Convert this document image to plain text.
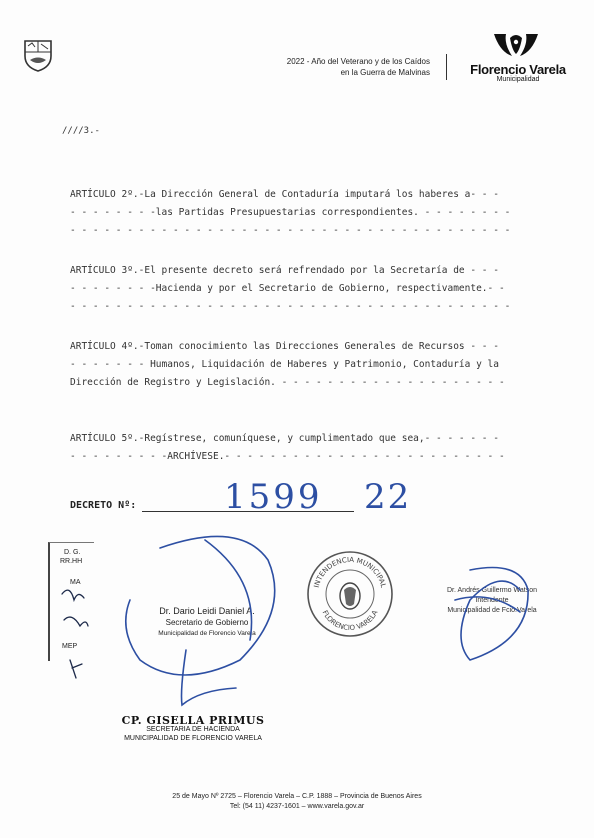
2022 - Año del Veterano y de los Caídos
en la Guerra de Malvinas	Florencio Varela
Municipalidad
////3.-
ARTÍCULO 2º.-La Dirección General de Contaduría imputará los haberes a- - -
- - - - - - - -las Partidas Presupuestarias correspondientes. - - - - - - - -
- - - - - - - - - - - - - - - - - - - - - - - - - - - - - - - - - - - - - - -
ARTÍCULO 3º.-El presente decreto será refrendado por la Secretaría de - - -
- - - - - - - -Hacienda y por el Secretario de Gobierno, respectivamente.- -
- - - - - - - - - - - - - - - - - - - - - - - - - - - - - - - - - - - - - - -
ARTÍCULO 4º.-Toman conocimiento las Direcciones Generales de Recursos - - -
- - - - - - - Humanos, Liquidación de Haberes y Patrimonio, Contaduría y la
Dirección de Registro y Legislación. - - - - - - - - - - - - - - - - - - - -
ARTÍCULO 5º.-Regístrese, comuníquese, y cumplimentado que sea,- - - - - - -
- - - - - - - - -ARCHÍVESE.- - - - - - - - - - - - - - - - - - - - - - - - -
DECRETO Nº:	1599 22
D. G.
RR.HH
MA
MEP
Dr. Dario Leidi Daniel A.
Secretario de Gobierno
Municipalidad de Florencio Varela
INTENDENCIA MUNICIPAL
FLORENCIO VARELA
Dr. Andrés Guillermo Watson
Intendente
Municipalidad de Fcio.Varela
CP. GISELLA PRIMUS
SECRETARIA DE HACIENDA
MUNICIPALIDAD DE FLORENCIO VARELA
25 de Mayo Nº 2725 – Florencio Varela – C.P. 1888 – Provincia de Buenos Aires
Tel: (54 11) 4237-1601 – www.varela.gov.ar
